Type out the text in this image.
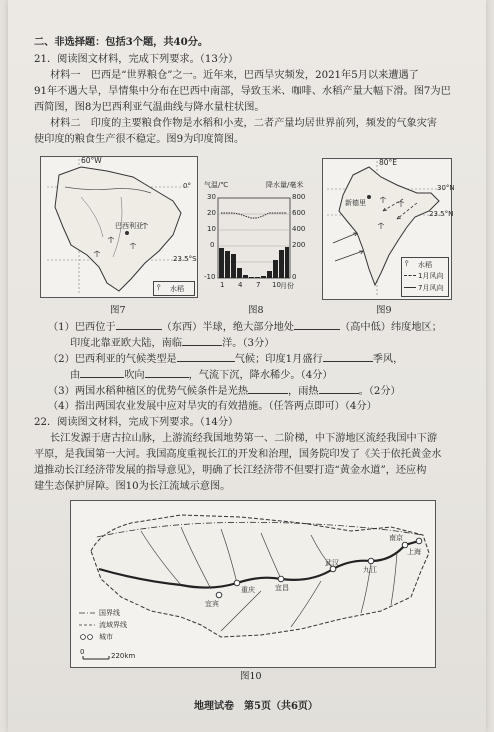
二、非选择题：包括3个题，共40分。
21．阅读图文材料，完成下列要求。（13分）
材料一　巴西是“世界粮仓”之一。近年来，巴西旱灾频发，2021年5月以来遭遇了
91年不遇大旱，旱情集中分布在巴西中南部，导致玉米、咖啡、水稻产量大幅下滑。图7为巴
西简图，图8为巴西利亚气温曲线与降水量柱状图。
材料二　印度的主要粮食作物是水稻和小麦，二者产量均居世界前列，频发的气象灾害
使印度的粮食生产很不稳定。图9为印度简图。
60°W
0°
23.5°S
巴西利亚
⫯ 水稻
图7
气温/℃	降水量/毫米
30
20
10
0
-10
800
600
400
200
0
1 4 7 10 月份
图8
80°E
30°N
23.5°N
新德里
⫯ 水稻
1月风向
7月风向
图9
（1）巴西位于	（东西）半球，绝大部分地处	（高中低）纬度地区；
印度北靠亚欧大陆，南临	洋。（3分）
（2）巴西利亚的气候类型是	气候；印度1月盛行	季风，
由	吹向	，气流下沉，降水稀少。（4分）
（3）两国水稻种植区的优势气候条件是光热	，雨热	。（2分）
（4）指出两国农业发展中应对旱灾的有效措施。（任答两点即可）（4分）
22．阅读图文材料，完成下列要求。（14分）
长江发源于唐古拉山脉，上游流经我国地势第一、二阶梯，中下游地区流经我国中下游
平原，是我国第一大河。我国高度重视长江的开发和治理，国务院印发了《关于依托黄金水
道推动长江经济带发展的指导意见》，明确了长江经济带不但要打造“黄金水道”，还应构
建生态保护屏障。图10为长江流域示意图。
国界线
流域界线
城市
0	220km
重庆
宜宾
宜昌
武汉
九江
南京
上海
图10
地理试卷　第5页（共6页）
